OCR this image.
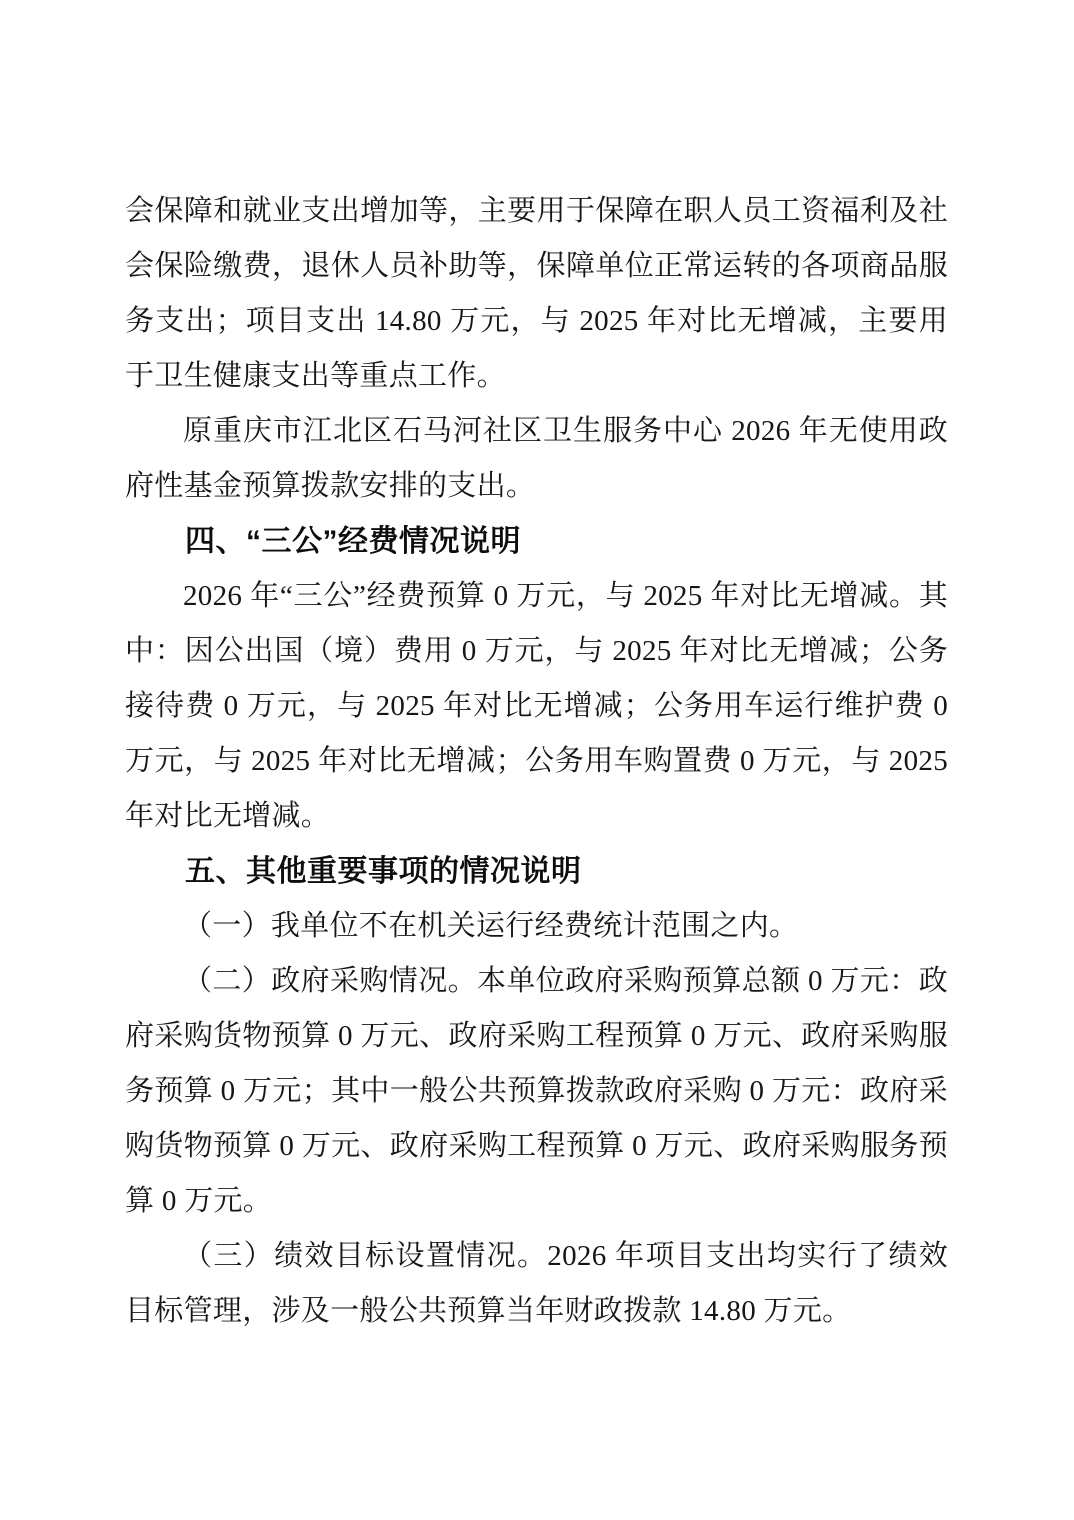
会保障和就业支出增加等，主要用于保障在职人员工资福利及社会保险缴费，退休人员补助等，保障单位正常运转的各项商品服务支出；项目支出 14.80 万元，与 2025 年对比无增减，主要用于卫生健康支出等重点工作。

原重庆市江北区石马河社区卫生服务中心 2026 年无使用政府性基金预算拨款安排的支出。

四、“三公”经费情况说明

2026 年“三公”经费预算 0 万元，与 2025 年对比无增减。其中：因公出国（境）费用 0 万元，与 2025 年对比无增减；公务接待费 0 万元，与 2025 年对比无增减；公务用车运行维护费 0 万元，与 2025 年对比无增减；公务用车购置费 0 万元，与 2025 年对比无增减。

五、其他重要事项的情况说明

（一）我单位不在机关运行经费统计范围之内。

（二）政府采购情况。本单位政府采购预算总额 0 万元：政府采购货物预算 0 万元、政府采购工程预算 0 万元、政府采购服务预算 0 万元；其中一般公共预算拨款政府采购 0 万元：政府采购货物预算 0 万元、政府采购工程预算 0 万元、政府采购服务预算 0 万元。

（三）绩效目标设置情况。2026 年项目支出均实行了绩效目标管理，涉及一般公共预算当年财政拨款 14.80 万元。
